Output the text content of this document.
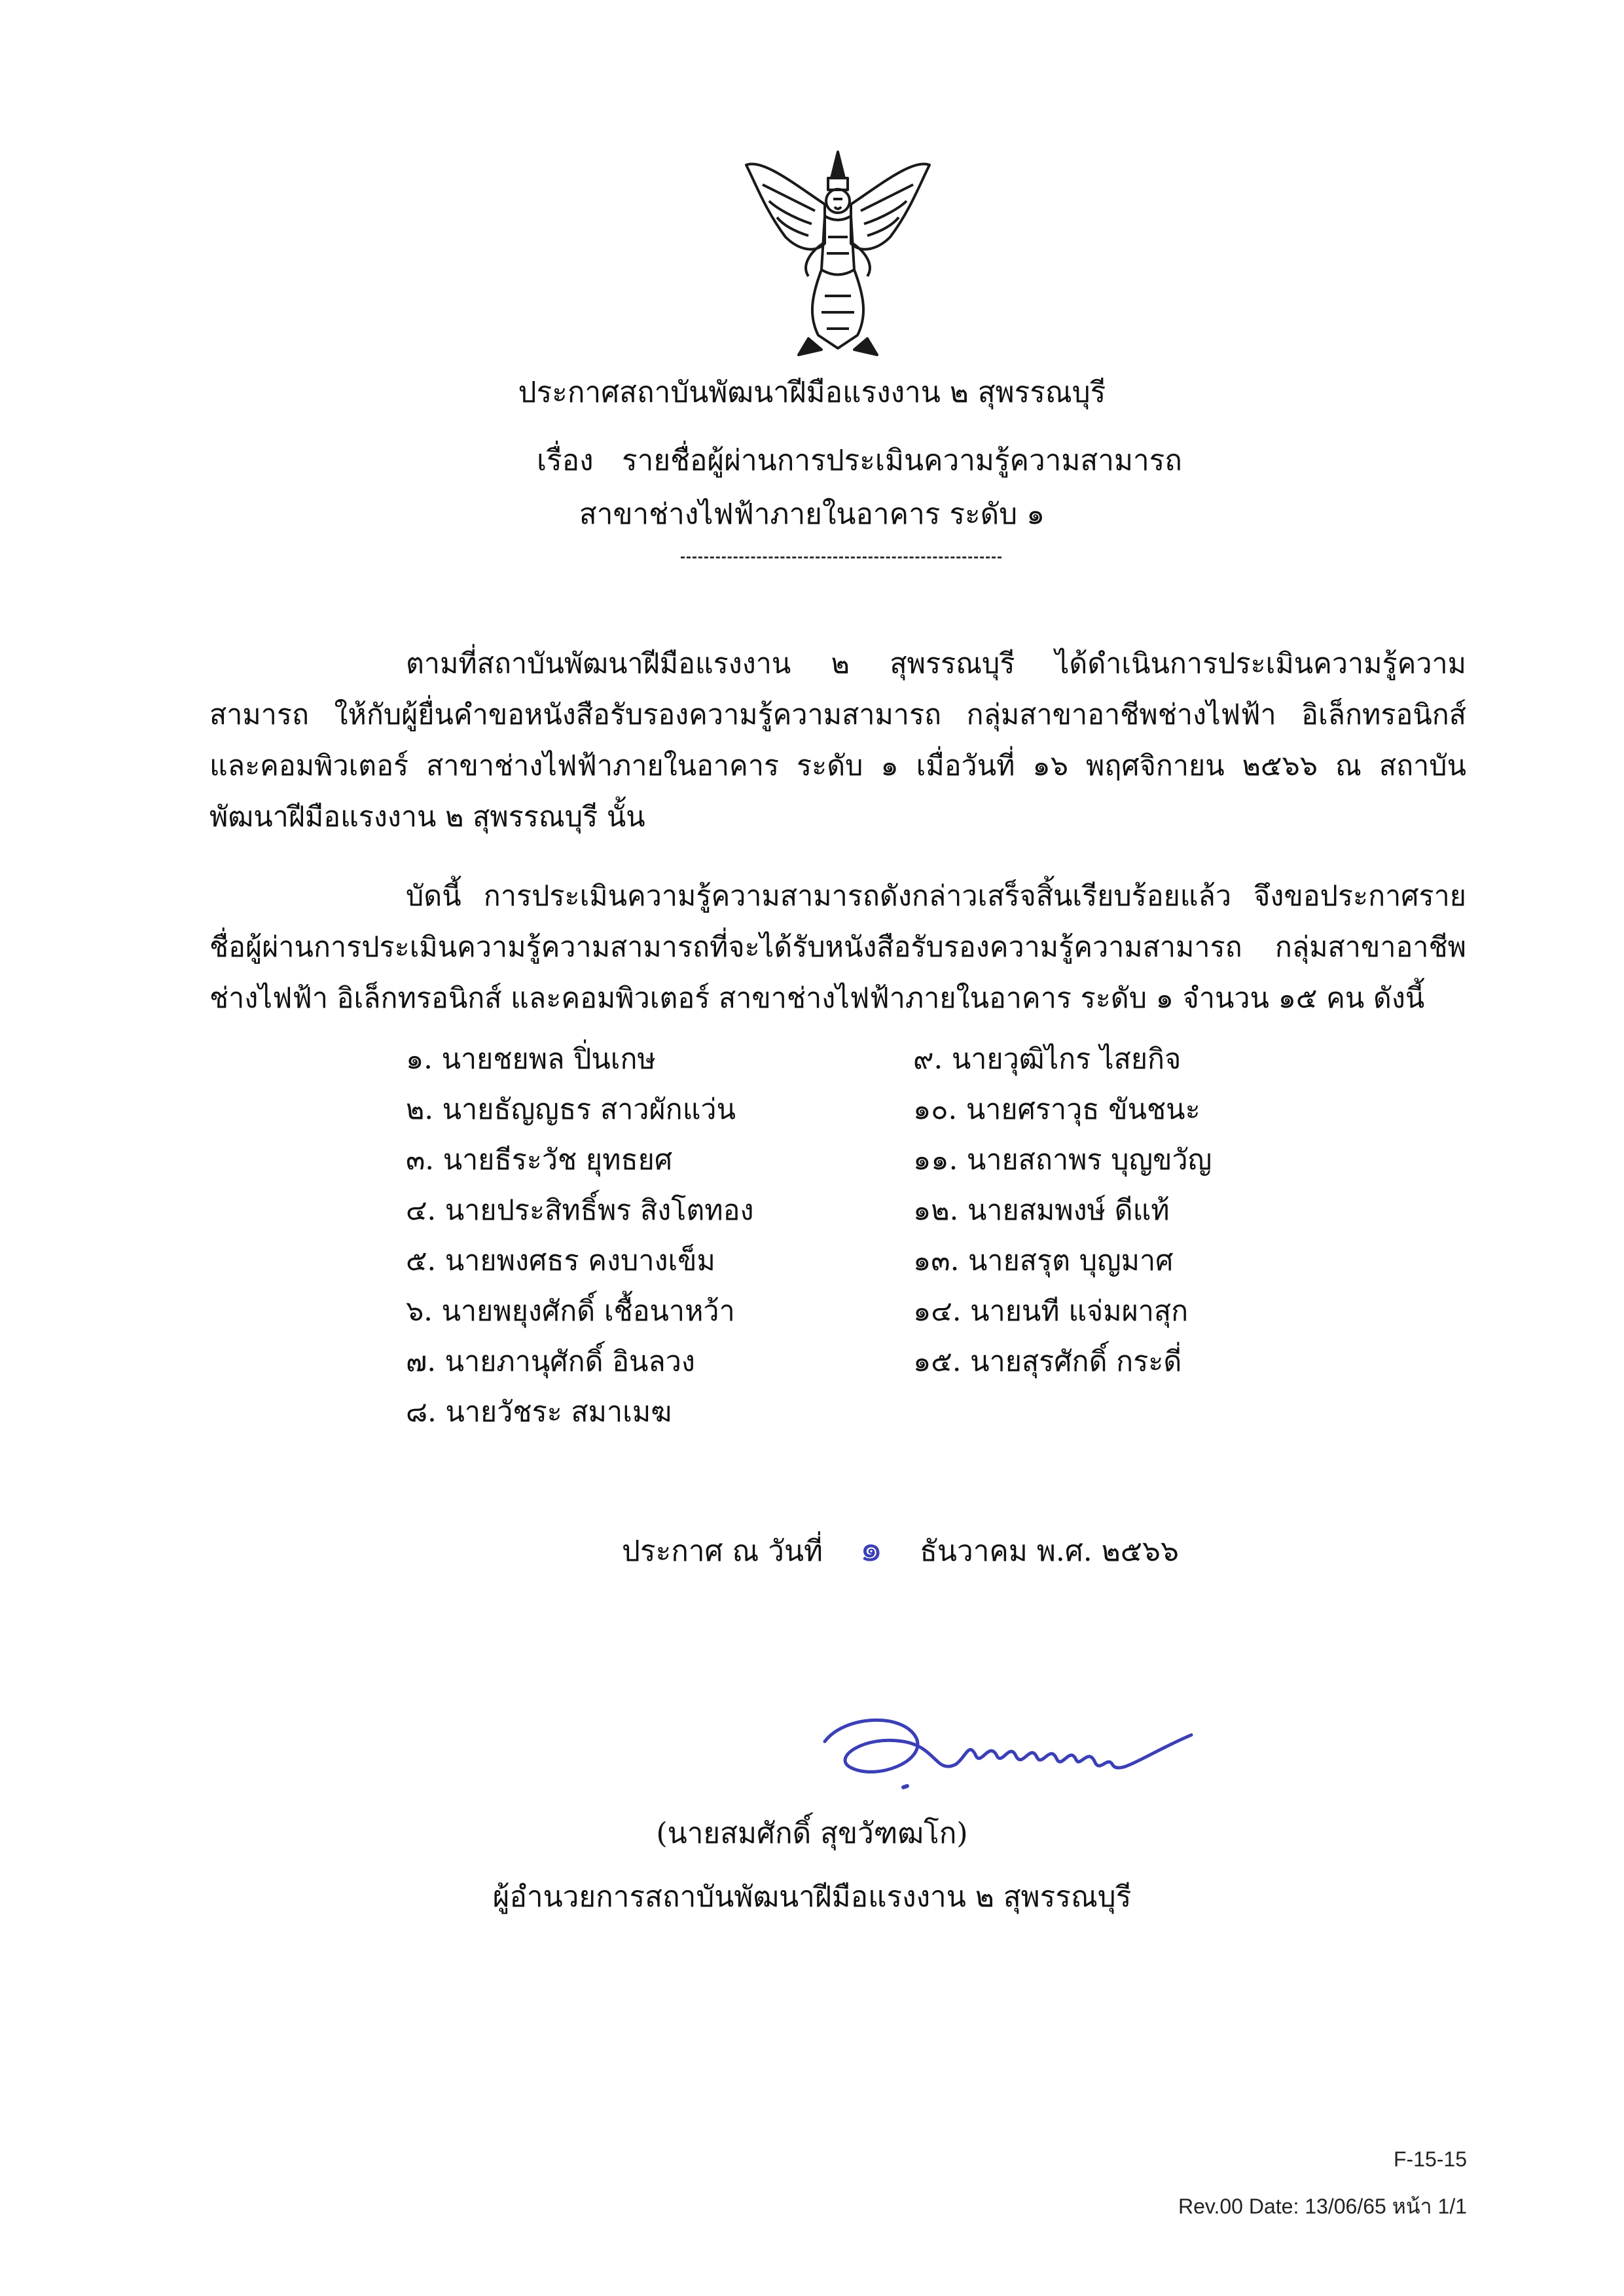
ประกาศสถาบันพัฒนาฝีมือแรงงาน ๒ สุพรรณบุรี
เรื่อง รายชื่อผู้ผ่านการประเมินความรู้ความสามารถ
สาขาช่างไฟฟ้าภายในอาคาร ระดับ ๑

ตามที่สถาบันพัฒนาฝีมือแรงงาน ๒ สุพรรณบุรี ได้ดำเนินการประเมินความรู้ความสามารถ ให้กับผู้ยื่นคำขอหนังสือรับรองความรู้ความสามารถ กลุ่มสาขาอาชีพช่างไฟฟ้า อิเล็กทรอนิกส์ และคอมพิวเตอร์ สาขาช่างไฟฟ้าภายในอาคาร ระดับ ๑ เมื่อวันที่ ๑๖ พฤศจิกายน ๒๕๖๖ ณ สถาบันพัฒนาฝีมือแรงงาน ๒ สุพรรณบุรี นั้น

บัดนี้ การประเมินความรู้ความสามารถดังกล่าวเสร็จสิ้นเรียบร้อยแล้ว จึงขอประกาศรายชื่อผู้ผ่านการประเมินความรู้ความสามารถที่จะได้รับหนังสือรับรองความรู้ความสามารถ กลุ่มสาขาอาชีพช่างไฟฟ้า อิเล็กทรอนิกส์ และคอมพิวเตอร์ สาขาช่างไฟฟ้าภายในอาคาร ระดับ ๑ จำนวน ๑๕ คน ดังนี้

๑. นายชยพล ปิ่นเกษ
๒. นายธัญญธร สาวผักแว่น
๓. นายธีระวัช ยุทธยศ
๔. นายประสิทธิ์พร สิงโตทอง
๕. นายพงศธร คงบางเข็ม
๖. นายพยุงศักดิ์ เชื้อนาหว้า
๗. นายภานุศักดิ์ อินลวง
๘. นายวัชระ สมาเมฆ
๙. นายวุฒิไกร ไสยกิจ
๑๐. นายศราวุธ ขันชนะ
๑๑. นายสถาพร บุญขวัญ
๑๒. นายสมพงษ์ ดีแท้
๑๓. นายสรุต บุญมาศ
๑๔. นายนที แจ่มผาสุก
๑๕. นายสุรศักดิ์ กระดี่
ประกาศ ณ วันที่ ๑ ธันวาคม พ.ศ. ๒๕๖๖
(นายสมศักดิ์ สุขวัฑฒโก)
ผู้อำนวยการสถาบันพัฒนาฝีมือแรงงาน ๒ สุพรรณบุรี
F-15-15
Rev.00 Date: 13/06/65 หน้า 1/1
